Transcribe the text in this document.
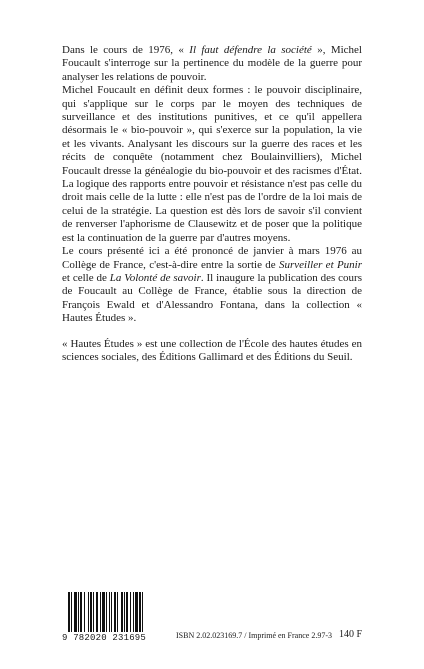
Dans le cours de 1976, « Il faut défendre la société », Michel Foucault s'interroge sur la pertinence du modèle de la guerre pour analyser les relations de pouvoir.

Michel Foucault en définit deux formes : le pouvoir disciplinaire, qui s'applique sur le corps par le moyen des techniques de surveillance et des institutions punitives, et ce qu'il appellera désormais le « bio-pouvoir », qui s'exerce sur la population, la vie et les vivants. Analysant les discours sur la guerre des races et les récits de conquête (notamment chez Boulainvilliers), Michel Foucault dresse la généalogie du bio-pouvoir et des racismes d'État. La logique des rapports entre pouvoir et résistance n'est pas celle du droit mais celle de la lutte : elle n'est pas de l'ordre de la loi mais de celui de la stratégie. La question est dès lors de savoir s'il convient de renverser l'aphorisme de Clausewitz et de poser que la politique est la continuation de la guerre par d'autres moyens.

Le cours présenté ici a été prononcé de janvier à mars 1976 au Collège de France, c'est-à-dire entre la sortie de Surveiller et Punir et celle de La Volonté de savoir. Il inaugure la publication des cours de Foucault au Collège de France, établie sous la direction de François Ewald et d'Alessandro Fontana, dans la collection « Hautes Études ».

« Hautes Études » est une collection de l'École des hautes études en sciences sociales, des Éditions Gallimard et des Éditions du Seuil.

9 782020 231695	ISBN 2.02.023169.7 / Imprimé en France 2.97-3 140 F
